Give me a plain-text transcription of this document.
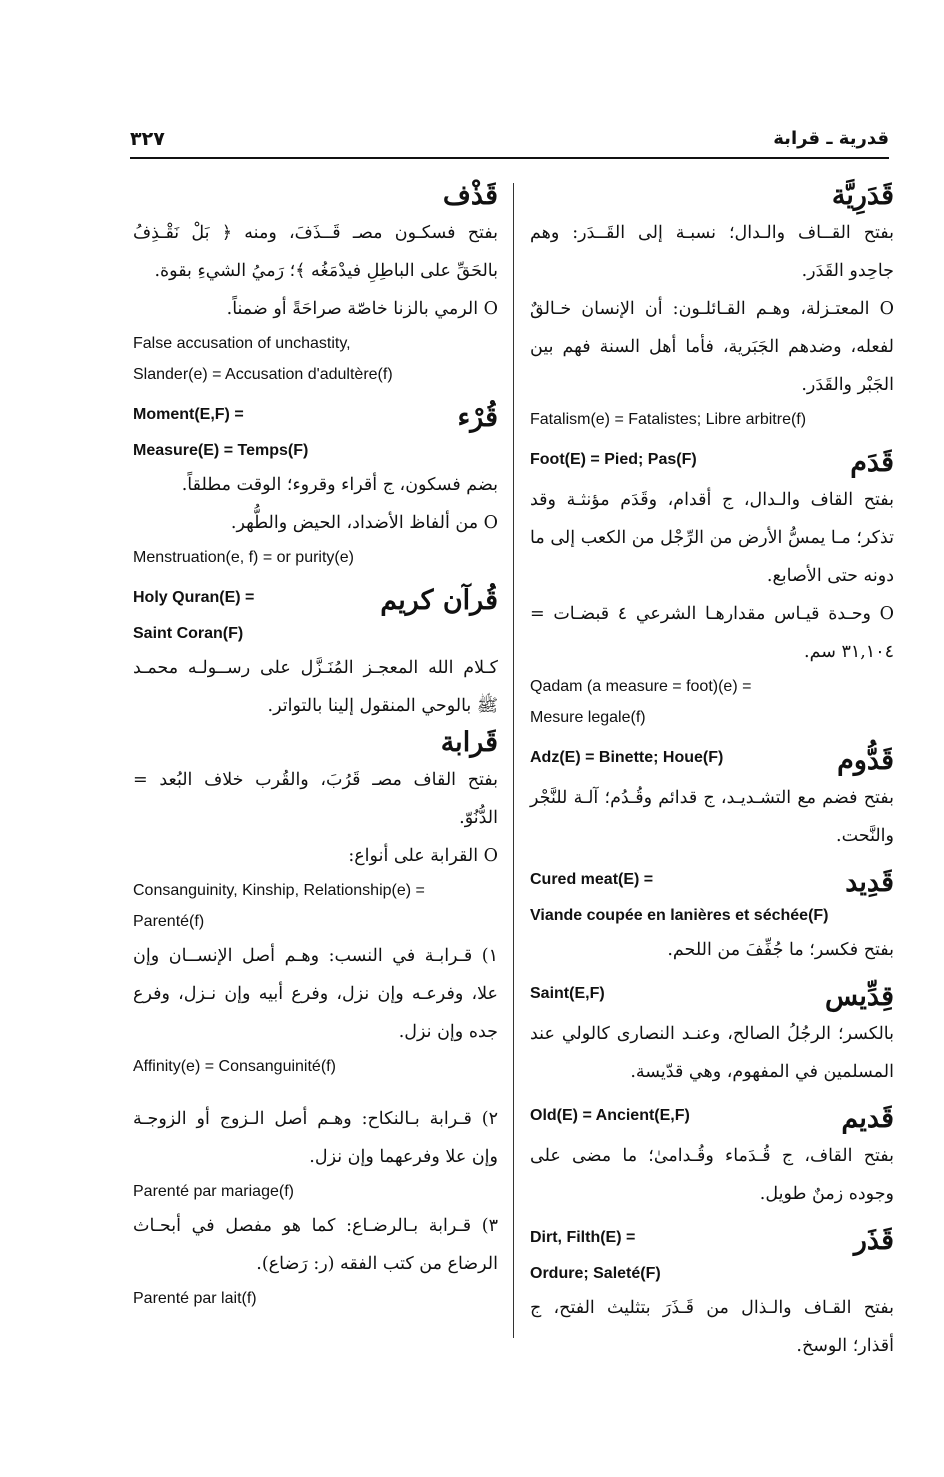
٣٢٧	قدرية ـ قرابة
قَدَرِيَّة
بفتح القــاف والـدال؛ نسبـة إلى القَــدَر: وهم جاحِدو القَدَر.
O المعتـزلة، وهـم القـائلـون: أن الإنسان خـالقٌ لفعله، وضدهم الجَبَرية، فأما أهل السنة فهم بين الجَبْر والقَدَر.
Fatalism(e) = Fatalistes; Libre arbitre(f)
قَدَم
Foot(E) = Pied; Pas(F)
بفتح القاف والـدال، ج أقدام، وقَدَم مؤنثـة وقد تذكر؛ مـا يمسُّ الأرض من الرِّجْل من الكعب إلى ما دونه حتى الأصابع.
O وحـدة قيـاس مقدارهـا الشرعي ٤ قبضـات = ٣١,١٠٤ سم.
Qadam (a measure = foot)(e) =
Mesure legale(f)
قَدُّوم
Adz(E) = Binette; Houe(F)
بفتح فضم مع التشـديـد، ج قدائم وقُـدُم؛ آلـة للنَّجْر والنَّحت.
قَدِيد
Cured meat(E) =
Viande coupée en lanières et séchée(F)
بفتح فكسر؛ ما جُفِّفَ من اللحم.
قِدِّيس
Saint(E,F)
بالكسر؛ الرجُلُ الصالح، وعنـد النصارى كالولي عند المسلمين في المفهوم، وهي قدّيسة.
قَديم
Old(E) = Ancient(E,F)
بفتح القاف، ج قُـدَماء وقُـدامىٰ؛ ما مضى على وجوده زمنٌ طويل.
قَذَر
Dirt, Filth(E) =
Ordure; Saleté(F)
بفتح القـاف والـذال من قَـذَرَ بتثليث الفتح، ج أقذار؛ الوسخ.
قَذْف
بفتح فسكـون مصـ قَــذَفَ، ومنه ﴿ بَلْ نَقْـذِفُ بالحَقِّ على الباطِلِ فيدْمَغُه ﴾؛ رَميُ الشيءِ بقوة.
O الرمي بالزنا خاصّة صراحَةً أو ضمناً.
False accusation of unchastity,
Slander(e) = Accusation d'adultère(f)
قُرْء
Moment(E,F) =
Measure(E) = Temps(F)
بضم فسكون، ج أقراء وقروء؛ الوقت مطلقاً.
O من ألفاظ الأضداد، الحيض والطُّهر.
Menstruation(e, f) = or purity(e)
قُرآن كريم
Holy Quran(E) =
Saint Coran(F)
كـلام الله المعجـز المُنَـزَّل على رســولـه محمـد ﷺ بالوحي المنقول إلينا بالتواتر.
قَرابة
بفتح القاف مصـ قَرُبَ، والقُرب خلاف البُعد = الدُّنُوّ.
O القرابة على أنواع:
Consanguinity, Kinship, Relationship(e) =
Parenté(f)
١) قـرابـة في النسب: وهـم أصل الإنســان وإن علا، وفرعـه وإن نزل، وفرع أبيه وإن نـزل، وفرع جده وإن نزل.
Affinity(e) = Consanguinité(f)
٢) قـرابة بـالنكاح: وهـم أصل الـزوج أو الزوجـة وإن علا وفرعهما وإن نزل.
Parenté par mariage(f)
٣) قـرابة بـالرضـاع: كما هو مفصل في أبحـاث الرضاع من كتب الفقه (ر: رَضاع).
Parenté par lait(f)
